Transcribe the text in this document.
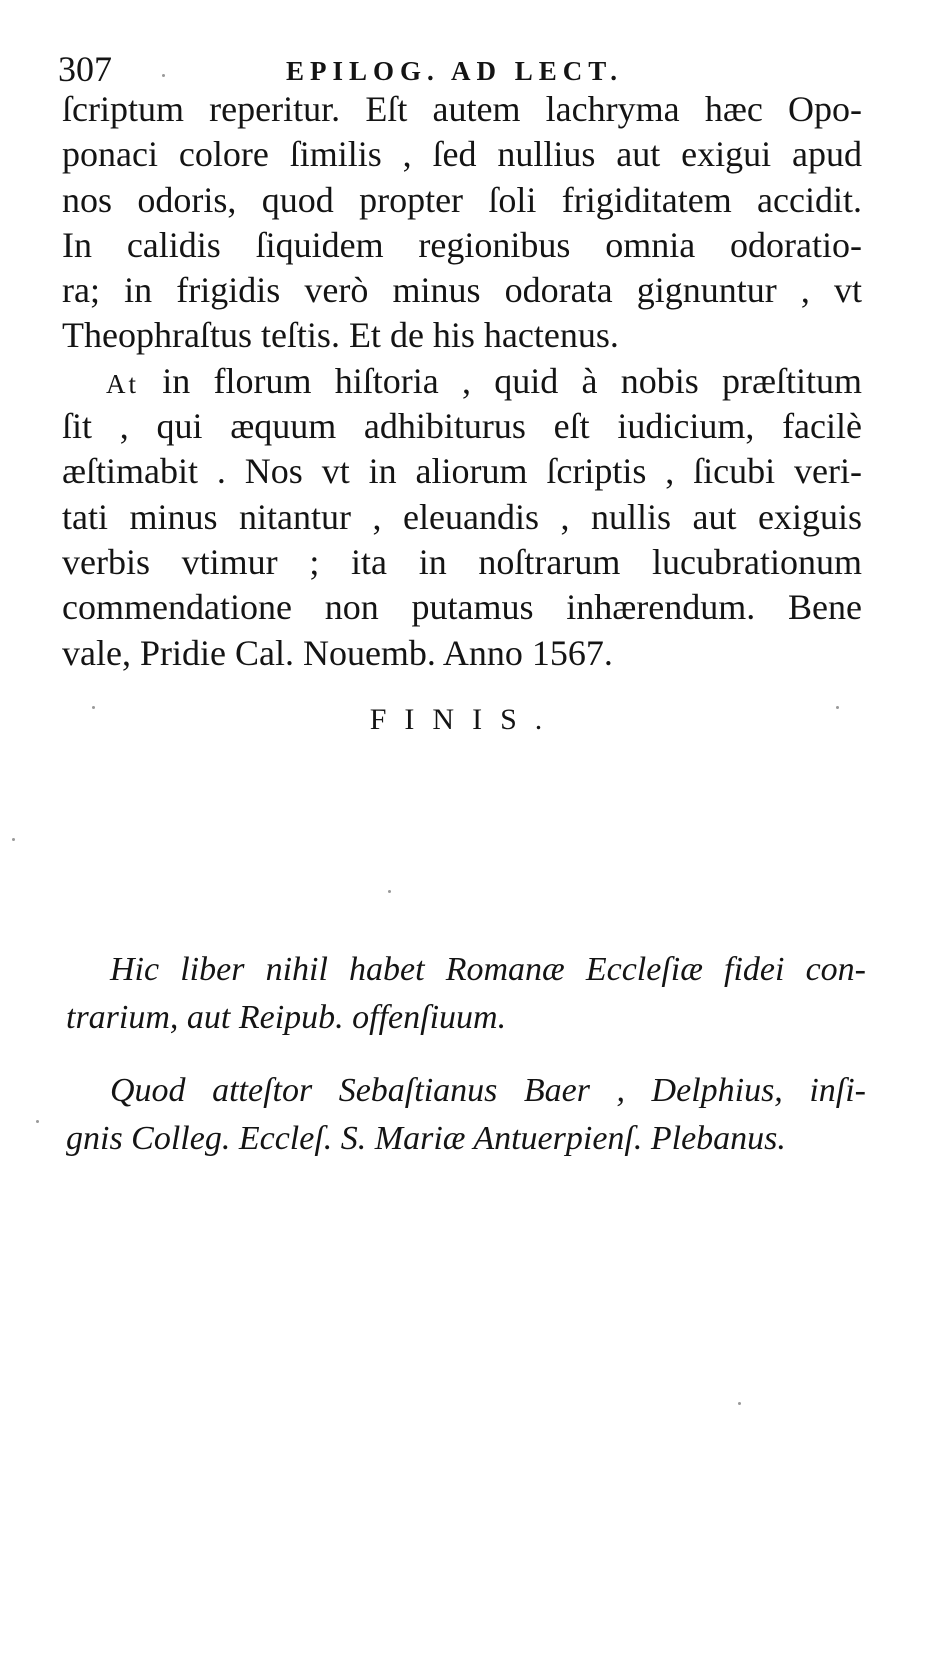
307	EPILOG. AD LECT.
ſcriptum reperitur. Eſt autem lachryma hæc Opo-
ponaci colore ſimilis , ſed nullius aut exigui apud
nos odoris, quod propter ſoli frigiditatem accidit.
In calidis ſiquidem regionibus omnia odoratio-
ra; in frigidis verò minus odorata gignuntur , vt
Theophraſtus teſtis. Et de his hactenus.
At in florum hiſtoria , quid à nobis præſtitum
ſit , qui æquum adhibiturus eſt iudicium, facilè
æſtimabit . Nos vt in aliorum ſcriptis , ſicubi veri-
tati minus nitantur , eleuandis , nullis aut exiguis
verbis vtimur ; ita in noſtrarum lucubrationum
commendatione non putamus inhærendum. Bene
vale, Pridie Cal. Nouemb. Anno 1567.
FINIS.
Hic liber nihil habet Romanæ Eccleſiæ fidei con-
trarium, aut Reipub. offenſiuum.
Quod atteſtor Sebaſtianus Baer , Delphius, inſi-
gnis Colleg. Eccleſ. S. Mariæ Antuerpienſ. Plebanus.
